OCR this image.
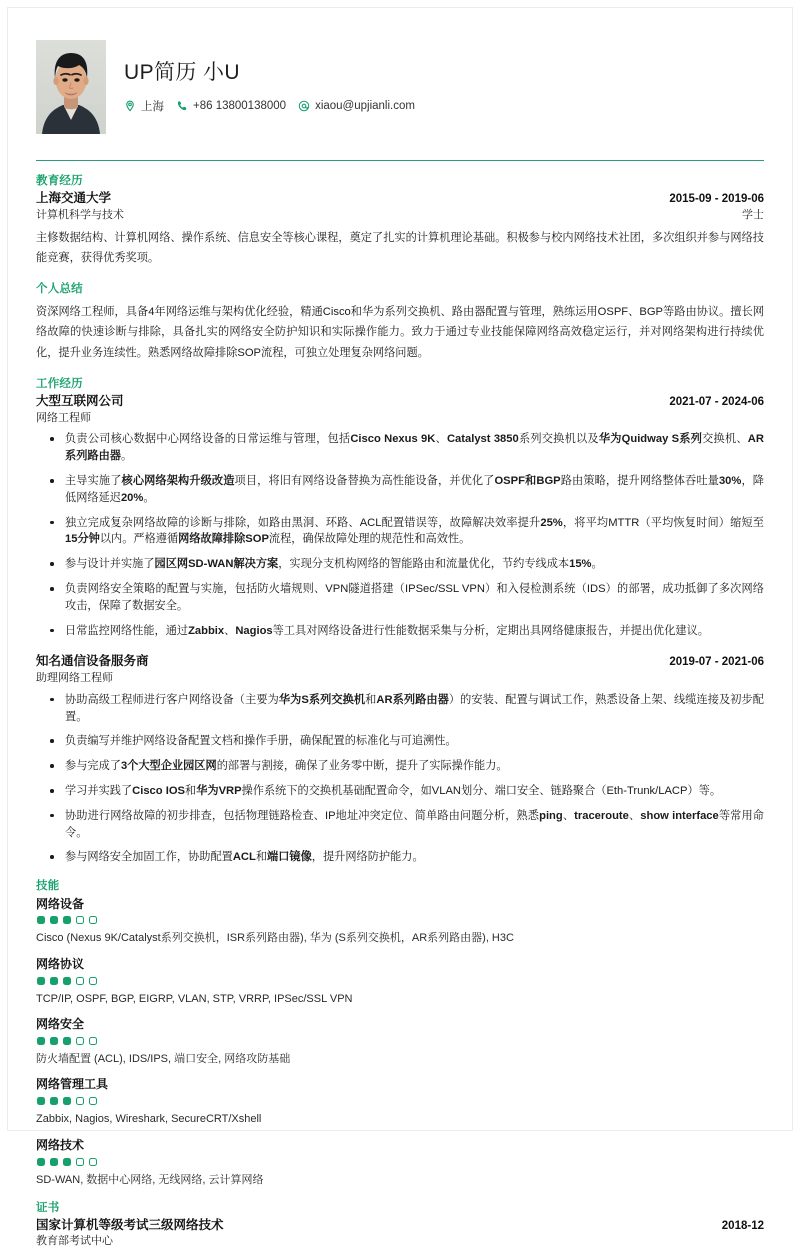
UP简历 小U
上海	+86 13800138000	xiaou@upjianli.com
教育经历
上海交通大学	2015-09 - 2019-06
计算机科学与技术	学士
主修数据结构、计算机网络、操作系统、信息安全等核心课程，奠定了扎实的计算机理论基础。积极参与校内网络技术社团，多次组织并参与网络技能竞赛，获得优秀奖项。
个人总结
资深网络工程师，具备4年网络运维与架构优化经验，精通Cisco和华为系列交换机、路由器配置与管理，熟练运用OSPF、BGP等路由协议。擅长网络故障的快速诊断与排除，具备扎实的网络安全防护知识和实际操作能力。致力于通过专业技能保障网络高效稳定运行，并对网络架构进行持续优化，提升业务连续性。熟悉网络故障排除SOP流程，可独立处理复杂网络问题。
工作经历
大型互联网公司	2021-07 - 2024-06
网络工程师
负责公司核心数据中心网络设备的日常运维与管理，包括Cisco Nexus 9K、Catalyst 3850系列交换机以及华为Quidway S系列交换机、AR系列路由器。
主导实施了核心网络架构升级改造项目，将旧有网络设备替换为高性能设备，并优化了OSPF和BGP路由策略，提升网络整体吞吐量30%，降低网络延迟20%。
独立完成复杂网络故障的诊断与排除，如路由黑洞、环路、ACL配置错误等，故障解决效率提升25%，将平均MTTR（平均恢复时间）缩短至15分钟以内。严格遵循网络故障排除SOP流程，确保故障处理的规范性和高效性。
参与设计并实施了园区网SD-WAN解决方案，实现分支机构网络的智能路由和流量优化，节约专线成本15%。
负责网络安全策略的配置与实施，包括防火墙规则、VPN隧道搭建（IPSec/SSL VPN）和入侵检测系统（IDS）的部署，成功抵御了多次网络攻击，保障了数据安全。
日常监控网络性能，通过Zabbix、Nagios等工具对网络设备进行性能数据采集与分析，定期出具网络健康报告，并提出优化建议。
知名通信设备服务商	2019-07 - 2021-06
助理网络工程师
协助高级工程师进行客户网络设备（主要为华为S系列交换机和AR系列路由器）的安装、配置与调试工作，熟悉设备上架、线缆连接及初步配置。
负责编写并维护网络设备配置文档和操作手册，确保配置的标准化与可追溯性。
参与完成了3个大型企业园区网的部署与割接，确保了业务零中断，提升了实际操作能力。
学习并实践了Cisco IOS和华为VRP操作系统下的交换机基础配置命令，如VLAN划分、端口安全、链路聚合（Eth-Trunk/LACP）等。
协助进行网络故障的初步排查，包括物理链路检查、IP地址冲突定位、简单路由问题分析，熟悉ping、traceroute、show interface等常用命令。
参与网络安全加固工作，协助配置ACL和端口镜像，提升网络防护能力。
技能
网络设备
Cisco (Nexus 9K/Catalyst系列交换机，ISR系列路由器), 华为 (S系列交换机，AR系列路由器), H3C
网络协议
TCP/IP, OSPF, BGP, EIGRP, VLAN, STP, VRRP, IPSec/SSL VPN
网络安全
防火墙配置 (ACL), IDS/IPS, 端口安全, 网络攻防基础
网络管理工具
Zabbix, Nagios, Wireshark, SecureCRT/Xshell
网络技术
SD-WAN, 数据中心网络, 无线网络, 云计算网络
证书
国家计算机等级考试三级网络技术	2018-12
教育部考试中心
